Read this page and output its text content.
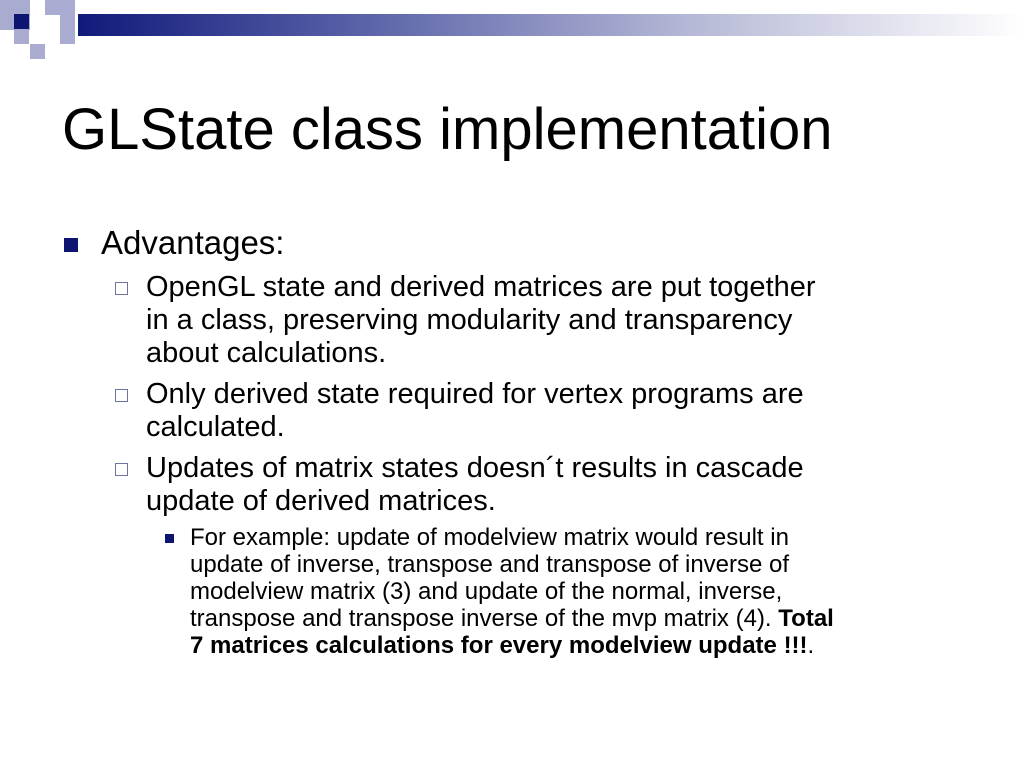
GLState class implementation
Advantages:
OpenGL state and derived matrices are put together
in a class, preserving modularity and transparency
about calculations.
Only derived state required for vertex programs are
calculated.
Updates of matrix states doesn´t results in cascade
update of derived matrices.
For example: update of modelview matrix would result in
update of inverse, transpose and transpose of inverse of
modelview matrix (3) and update of the normal, inverse,
transpose and transpose inverse of the mvp matrix (4). Total
7 matrices calculations for every modelview update !!!.
